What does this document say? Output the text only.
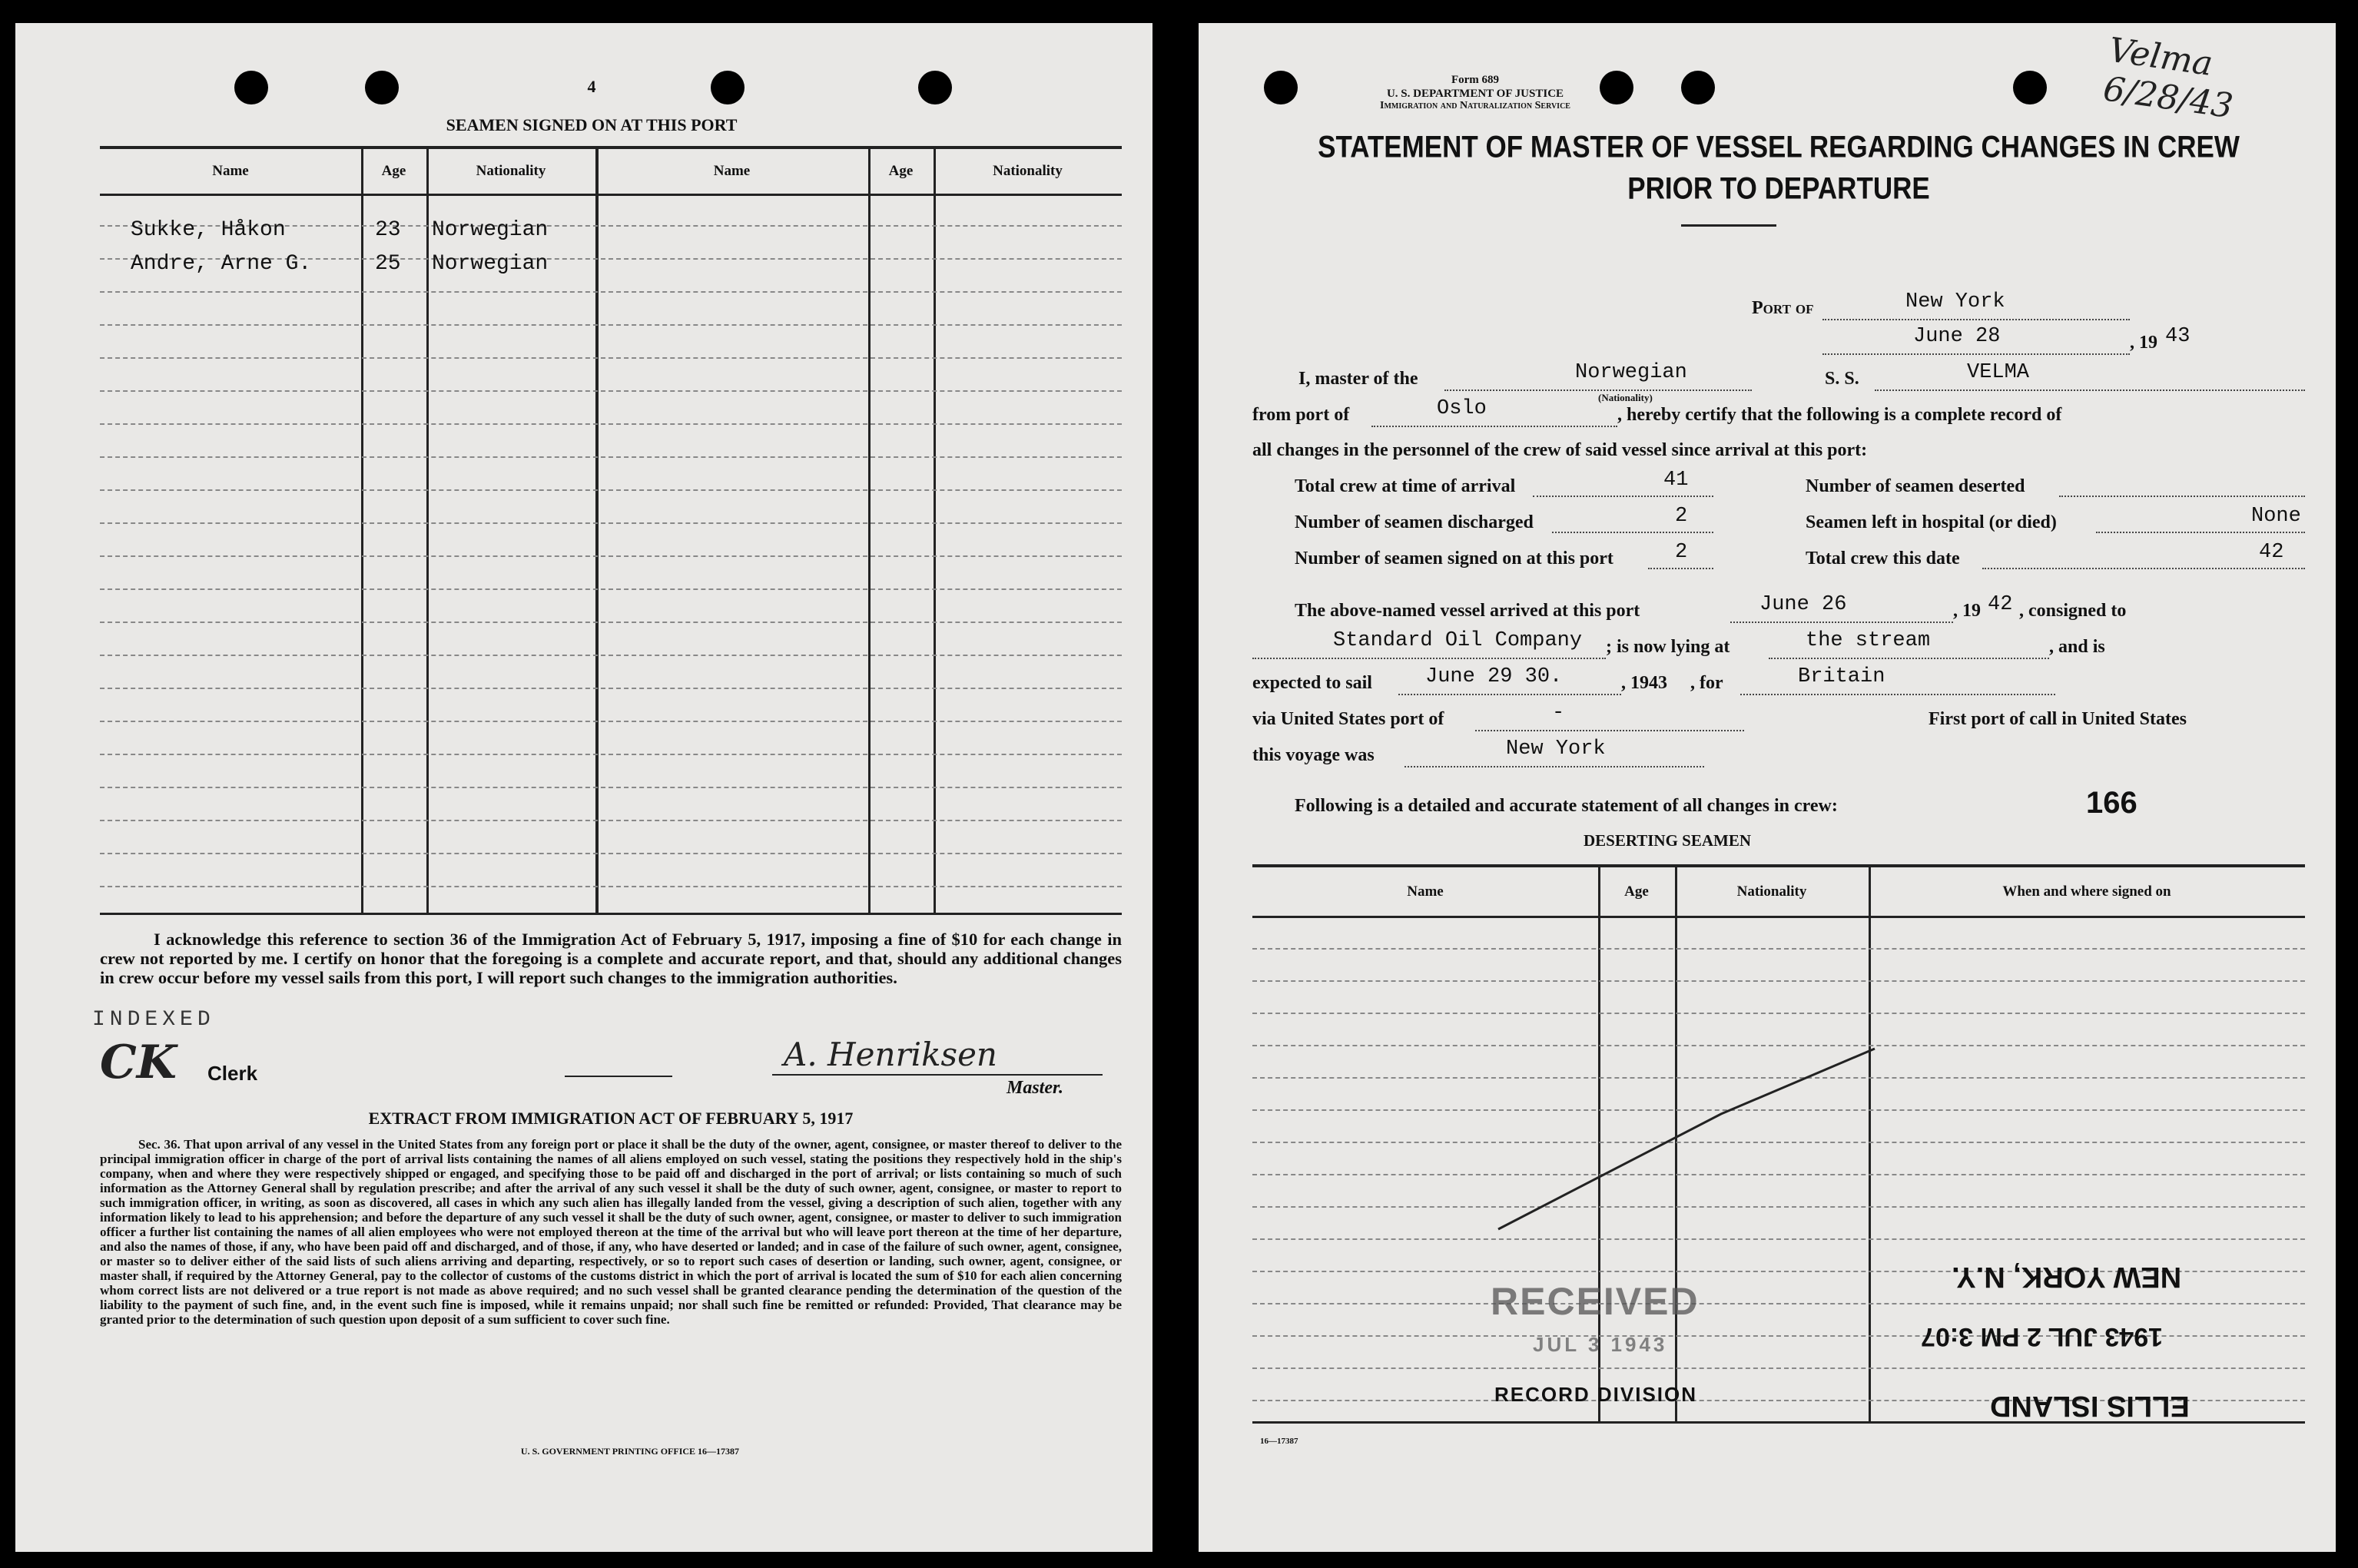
4
SEAMEN SIGNED ON AT THIS PORT
Name	Age	Nationality	Name	Age	Nationality
Sukke, Håkon	23 Norwegian
Andre, Arne G.	25 Norwegian
I acknowledge this reference to section 36 of the Immigration Act of February 5, 1917, imposing a fine of $10 for each change in crew not reported by me. I certify on honor that the foregoing is a complete and accurate report, and that, should any additional changes in crew occur before my vessel sails from this port, I will report such changes to the immigration authorities.
INDEXED
CK Clerk	A. Henriksen
Master.
EXTRACT FROM IMMIGRATION ACT OF FEBRUARY 5, 1917
Sec. 36. That upon arrival of any vessel in the United States from any foreign port or place it shall be the duty of the owner, agent, consignee, or master thereof to deliver to the principal immigration officer in charge of the port of arrival lists containing the names of all aliens employed on such vessel, stating the positions they respectively hold in the ship's company, when and where they were respectively shipped or engaged, and specifying those to be paid off and discharged in the port of arrival; or lists containing so much of such information as the Attorney General shall by regulation prescribe; and after the arrival of any such vessel it shall be the duty of such owner, agent, consignee, or master to report to such immigration officer, in writing, as soon as discovered, all cases in which any such alien has illegally landed from the vessel, giving a description of such alien, together with any information likely to lead to his apprehension; and before the departure of any such vessel it shall be the duty of such owner, agent, consignee, or master to deliver to such immigration officer a further list containing the names of all alien employees who were not employed thereon at the time of the arrival but who will leave port thereon at the time of her departure, and also the names of those, if any, who have been paid off and discharged, and of those, if any, who have deserted or landed; and in case of the failure of such owner, agent, consignee, or master so to deliver either of the said lists of such aliens arriving and departing, respectively, or so to report such cases of desertion or landing, such owner, agent, consignee, or master shall, if required by the Attorney General, pay to the collector of customs of the customs district in which the port of arrival is located the sum of $10 for each alien concerning whom correct lists are not delivered or a true report is not made as above required; and no such vessel shall be granted clearance pending the determination of the question of the liability to the payment of such fine, and, in the event such fine is imposed, while it remains unpaid; nor shall such fine be remitted or refunded: Provided, That clearance may be granted prior to the determination of such question upon deposit of a sum sufficient to cover such fine.
U. S. GOVERNMENT PRINTING OFFICE 16—17387
Form 689
U. S. DEPARTMENT OF JUSTICE
Immigration and Naturalization Service
Velma 6/28/43
STATEMENT OF MASTER OF VESSEL REGARDING CHANGES IN CREW
PRIOR TO DEPARTURE
Port of	New York
June 28	, 19 43
I, master of the	Norwegian
(Nationality)
S. S.	VELMA
from port of	Oslo	, hereby certify that the following is a complete record of
all changes in the personnel of the crew of said vessel since arrival at this port:
Total crew at time of arrival	41	Number of seamen deserted
Number of seamen discharged	2	Seamen left in hospital (or died)	None
Number of seamen signed on at this port	2	Total crew this date	42
The above-named vessel arrived at this port	June 26	, 19 42 , consigned to
Standard Oil Company ; is now lying at	the stream	, and is
expected to sail	June 29 30.	, 1943 , for	Britain
via United States port of	-	First port of call in United States
this voyage was	New York
Following is a detailed and accurate statement of all changes in crew:	166
DESERTING SEAMEN
Name	Age	Nationality	When and where signed on
RECEIVED
JUL 3 1943
RECORD DIVISION
NEW YORK, N.Y.
1943 JUL 2 PM 3:07
ELLIS ISLAND
16—17387
